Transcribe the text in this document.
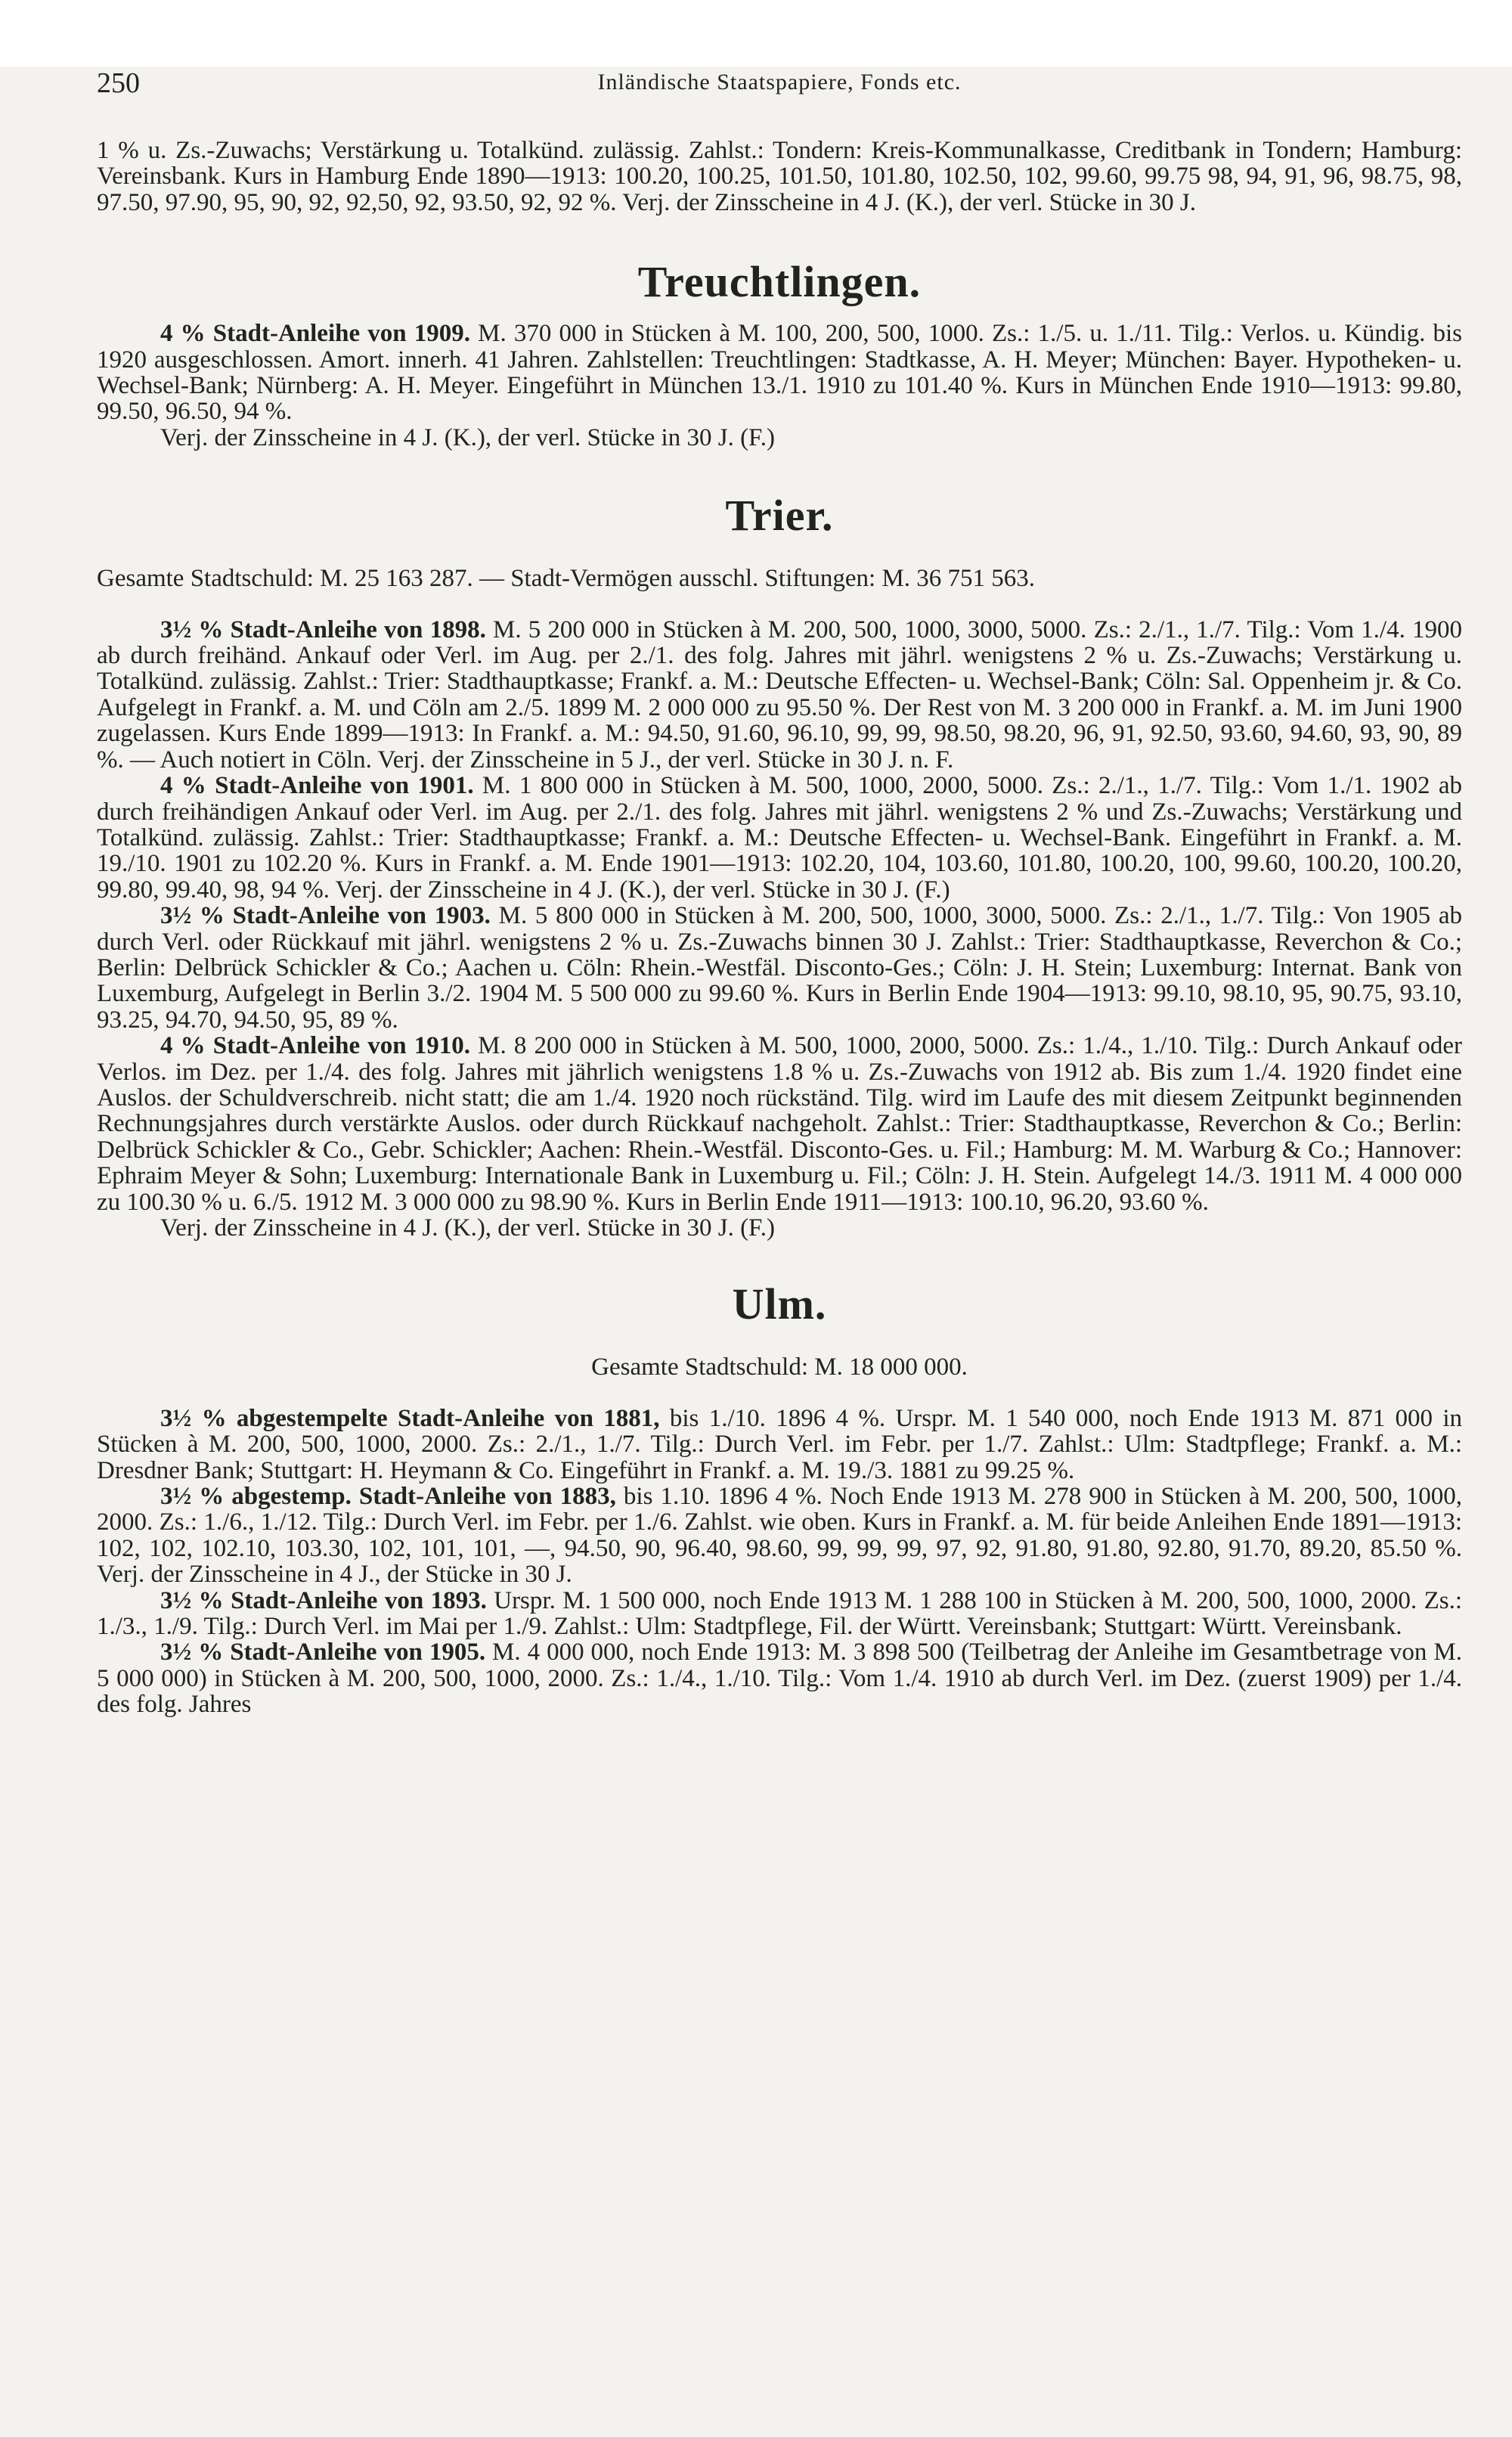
250	Inländische Staatspapiere, Fonds etc.

1 % u. Zs.-Zuwachs; Verstärkung u. Totalkünd. zulässig. Zahlst.: Tondern: Kreis-Kommunalkasse, Creditbank in Tondern; Hamburg: Vereinsbank. Kurs in Hamburg Ende 1890—1913: 100.20, 100.25, 101.50, 101.80, 102.50, 102, 99.60, 99.75 98, 94, 91, 96, 98.75, 98, 97.50, 97.90, 95, 90, 92, 92,50, 92, 93.50, 92, 92 %. Verj. der Zinsscheine in 4 J. (K.), der verl. Stücke in 30 J.

Treuchtlingen.

4 % Stadt-Anleihe von 1909. M. 370 000 in Stücken à M. 100, 200, 500, 1000. Zs.: 1./5. u. 1./11. Tilg.: Verlos. u. Kündig. bis 1920 ausgeschlossen. Amort. innerh. 41 Jahren. Zahlstellen: Treuchtlingen: Stadtkasse, A. H. Meyer; München: Bayer. Hypotheken- u. Wechsel-Bank; Nürnberg: A. H. Meyer. Eingeführt in München 13./1. 1910 zu 101.40 %. Kurs in München Ende 1910—1913: 99.80, 99.50, 96.50, 94 %.

Verj. der Zinsscheine in 4 J. (K.), der verl. Stücke in 30 J. (F.)

Trier.

Gesamte Stadtschuld: M. 25 163 287. — Stadt-Vermögen ausschl. Stiftungen: M. 36 751 563.

3½ % Stadt-Anleihe von 1898. M. 5 200 000 in Stücken à M. 200, 500, 1000, 3000, 5000. Zs.: 2./1., 1./7. Tilg.: Vom 1./4. 1900 ab durch freihänd. Ankauf oder Verl. im Aug. per 2./1. des folg. Jahres mit jährl. wenigstens 2 % u. Zs.-Zuwachs; Verstärkung u. Totalkünd. zulässig. Zahlst.: Trier: Stadthauptkasse; Frankf. a. M.: Deutsche Effecten- u. Wechsel-Bank; Cöln: Sal. Oppenheim jr. & Co. Aufgelegt in Frankf. a. M. und Cöln am 2./5. 1899 M. 2 000 000 zu 95.50 %. Der Rest von M. 3 200 000 in Frankf. a. M. im Juni 1900 zugelassen. Kurs Ende 1899—1913: In Frankf. a. M.: 94.50, 91.60, 96.10, 99, 99, 98.50, 98.20, 96, 91, 92.50, 93.60, 94.60, 93, 90, 89 %. — Auch notiert in Cöln. Verj. der Zinsscheine in 5 J., der verl. Stücke in 30 J. n. F.

4 % Stadt-Anleihe von 1901. M. 1 800 000 in Stücken à M. 500, 1000, 2000, 5000. Zs.: 2./1., 1./7. Tilg.: Vom 1./1. 1902 ab durch freihändigen Ankauf oder Verl. im Aug. per 2./1. des folg. Jahres mit jährl. wenigstens 2 % und Zs.-Zuwachs; Verstärkung und Totalkünd. zulässig. Zahlst.: Trier: Stadthauptkasse; Frankf. a. M.: Deutsche Effecten- u. Wechsel-Bank. Eingeführt in Frankf. a. M. 19./10. 1901 zu 102.20 %. Kurs in Frankf. a. M. Ende 1901—1913: 102.20, 104, 103.60, 101.80, 100.20, 100, 99.60, 100.20, 100.20, 99.80, 99.40, 98, 94 %. Verj. der Zinsscheine in 4 J. (K.), der verl. Stücke in 30 J. (F.)

3½ % Stadt-Anleihe von 1903. M. 5 800 000 in Stücken à M. 200, 500, 1000, 3000, 5000. Zs.: 2./1., 1./7. Tilg.: Von 1905 ab durch Verl. oder Rückkauf mit jährl. wenigstens 2 % u. Zs.-Zuwachs binnen 30 J. Zahlst.: Trier: Stadthauptkasse, Reverchon & Co.; Berlin: Delbrück Schickler & Co.; Aachen u. Cöln: Rhein.-Westfäl. Disconto-Ges.; Cöln: J. H. Stein; Luxemburg: Internat. Bank von Luxemburg, Aufgelegt in Berlin 3./2. 1904 M. 5 500 000 zu 99.60 %. Kurs in Berlin Ende 1904—1913: 99.10, 98.10, 95, 90.75, 93.10, 93.25, 94.70, 94.50, 95, 89 %.

4 % Stadt-Anleihe von 1910. M. 8 200 000 in Stücken à M. 500, 1000, 2000, 5000. Zs.: 1./4., 1./10. Tilg.: Durch Ankauf oder Verlos. im Dez. per 1./4. des folg. Jahres mit jährlich wenigstens 1.8 % u. Zs.-Zuwachs von 1912 ab. Bis zum 1./4. 1920 findet eine Auslos. der Schuldverschreib. nicht statt; die am 1./4. 1920 noch rückständ. Tilg. wird im Laufe des mit diesem Zeitpunkt beginnenden Rechnungsjahres durch verstärkte Auslos. oder durch Rückkauf nachgeholt. Zahlst.: Trier: Stadthauptkasse, Reverchon & Co.; Berlin: Delbrück Schickler & Co., Gebr. Schickler; Aachen: Rhein.-Westfäl. Disconto-Ges. u. Fil.; Hamburg: M. M. Warburg & Co.; Hannover: Ephraim Meyer & Sohn; Luxemburg: Internationale Bank in Luxemburg u. Fil.; Cöln: J. H. Stein. Aufgelegt 14./3. 1911 M. 4 000 000 zu 100.30 % u. 6./5. 1912 M. 3 000 000 zu 98.90 %. Kurs in Berlin Ende 1911—1913: 100.10, 96.20, 93.60 %.

Verj. der Zinsscheine in 4 J. (K.), der verl. Stücke in 30 J. (F.)

Ulm.

Gesamte Stadtschuld: M. 18 000 000.

3½ % abgestempelte Stadt-Anleihe von 1881, bis 1./10. 1896 4 %. Urspr. M. 1 540 000, noch Ende 1913 M. 871 000 in Stücken à M. 200, 500, 1000, 2000. Zs.: 2./1., 1./7. Tilg.: Durch Verl. im Febr. per 1./7. Zahlst.: Ulm: Stadtpflege; Frankf. a. M.: Dresdner Bank; Stuttgart: H. Heymann & Co. Eingeführt in Frankf. a. M. 19./3. 1881 zu 99.25 %.

3½ % abgestemp. Stadt-Anleihe von 1883, bis 1.10. 1896 4 %. Noch Ende 1913 M. 278 900 in Stücken à M. 200, 500, 1000, 2000. Zs.: 1./6., 1./12. Tilg.: Durch Verl. im Febr. per 1./6. Zahlst. wie oben. Kurs in Frankf. a. M. für beide Anleihen Ende 1891—1913: 102, 102, 102.10, 103.30, 102, 101, 101, —, 94.50, 90, 96.40, 98.60, 99, 99, 99, 97, 92, 91.80, 91.80, 92.80, 91.70, 89.20, 85.50 %. Verj. der Zinsscheine in 4 J., der Stücke in 30 J.

3½ % Stadt-Anleihe von 1893. Urspr. M. 1 500 000, noch Ende 1913 M. 1 288 100 in Stücken à M. 200, 500, 1000, 2000. Zs.: 1./3., 1./9. Tilg.: Durch Verl. im Mai per 1./9. Zahlst.: Ulm: Stadtpflege, Fil. der Württ. Vereinsbank; Stuttgart: Württ. Vereinsbank.

3½ % Stadt-Anleihe von 1905. M. 4 000 000, noch Ende 1913: M. 3 898 500 (Teilbetrag der Anleihe im Gesamtbetrage von M. 5 000 000) in Stücken à M. 200, 500, 1000, 2000. Zs.: 1./4., 1./10. Tilg.: Vom 1./4. 1910 ab durch Verl. im Dez. (zuerst 1909) per 1./4. des folg. Jahres
